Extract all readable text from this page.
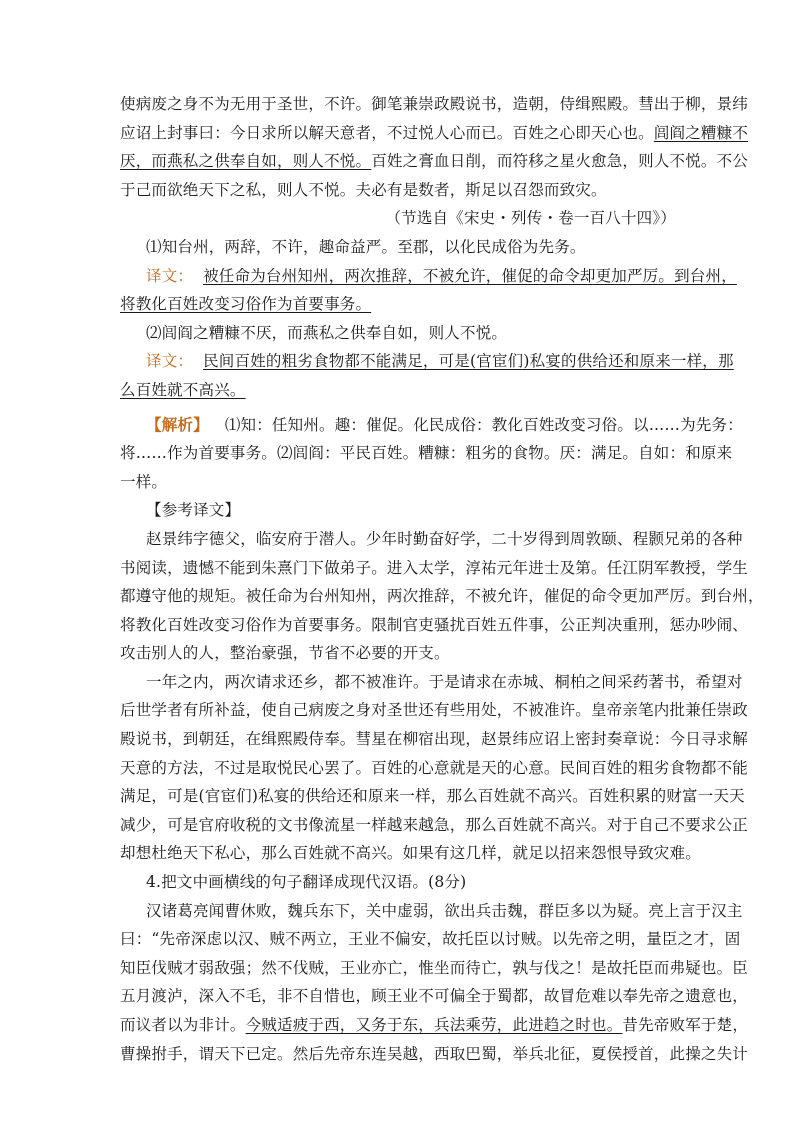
使病废之身不为无用于圣世，不许。御笔兼崇政殿说书，造朝，侍缉熙殿。彗出于柳，景纬
应诏上封事曰：今日求所以解天意者，不过悦人心而已。百姓之心即天心也。闾阎之糟糠不
厌，而燕私之供奉自如，则人不悦。百姓之膏血日削，而符移之星火愈急，则人不悦。不公
于己而欲绝天下之私，则人不悦。夫必有是数者，斯足以召怨而致灾。
（节选自《宋史・列传・卷一百八十四》）
⑴知台州，两辞，不许，趣命益严。至郡，以化民成俗为先务。
译文： 被任命为台州知州，两次推辞，不被允许，催促的命令却更加严厉。到台州，
将教化百姓改变习俗作为首要事务。
⑵闾阎之糟糠不厌，而燕私之供奉自如，则人不悦。
译文： 民间百姓的粗劣食物都不能满足，可是(官宦们)私宴的供给还和原来一样，那
么百姓就不高兴。
【解析】 ⑴知：任知州。趣：催促。化民成俗：教化百姓改变习俗。以……为先务：
将……作为首要事务。⑵闾阎：平民百姓。糟糠：粗劣的食物。厌：满足。自如：和原来
一样。
【参考译文】
赵景纬字德父，临安府于潜人。少年时勤奋好学，二十岁得到周敦颐、程颢兄弟的各种
书阅读，遗憾不能到朱熹门下做弟子。进入太学，淳祐元年进士及第。任江阴军教授，学生
都遵守他的规矩。被任命为台州知州，两次推辞，不被允许，催促的命令更加严厉。到台州，
将教化百姓改变习俗作为首要事务。限制官吏骚扰百姓五件事，公正判决重刑，惩办吵闹、
攻击别人的人，整治豪强，节省不必要的开支。
一年之内，两次请求还乡，都不被准许。于是请求在赤城、桐柏之间采药著书，希望对
后世学者有所补益，使自己病废之身对圣世还有些用处，不被准许。皇帝亲笔内批兼任崇政
殿说书，到朝廷，在缉熙殿侍奉。彗星在柳宿出现，赵景纬应诏上密封奏章说：今日寻求解
天意的方法，不过是取悦民心罢了。百姓的心意就是天的心意。民间百姓的粗劣食物都不能
满足，可是(官宦们)私宴的供给还和原来一样，那么百姓就不高兴。百姓积累的财富一天天
减少，可是官府收税的文书像流星一样越来越急，那么百姓就不高兴。对于自己不要求公正
却想杜绝天下私心，那么百姓就不高兴。如果有这几样，就足以招来怨恨导致灾难。
4.把文中画横线的句子翻译成现代汉语。(8分)
汉诸葛亮闻曹休败，魏兵东下，关中虚弱，欲出兵击魏，群臣多以为疑。亮上言于汉主
曰：“先帝深虑以汉、贼不两立，王业不偏安，故托臣以讨贼。以先帝之明，量臣之才，固
知臣伐贼才弱敌强；然不伐贼，王业亦亡，惟坐而待亡，孰与伐之！是故托臣而弗疑也。臣
五月渡泸，深入不毛，非不自惜也，顾王业不可偏全于蜀都，故冒危难以奉先帝之遗意也，
而议者以为非计。今贼适疲于西，又务于东，兵法乘劳，此进趋之时也。昔先帝败军于楚，
曹操拊手，谓天下已定。然后先帝东连吴越，西取巴蜀，举兵北征，夏侯授首，此操之失计
